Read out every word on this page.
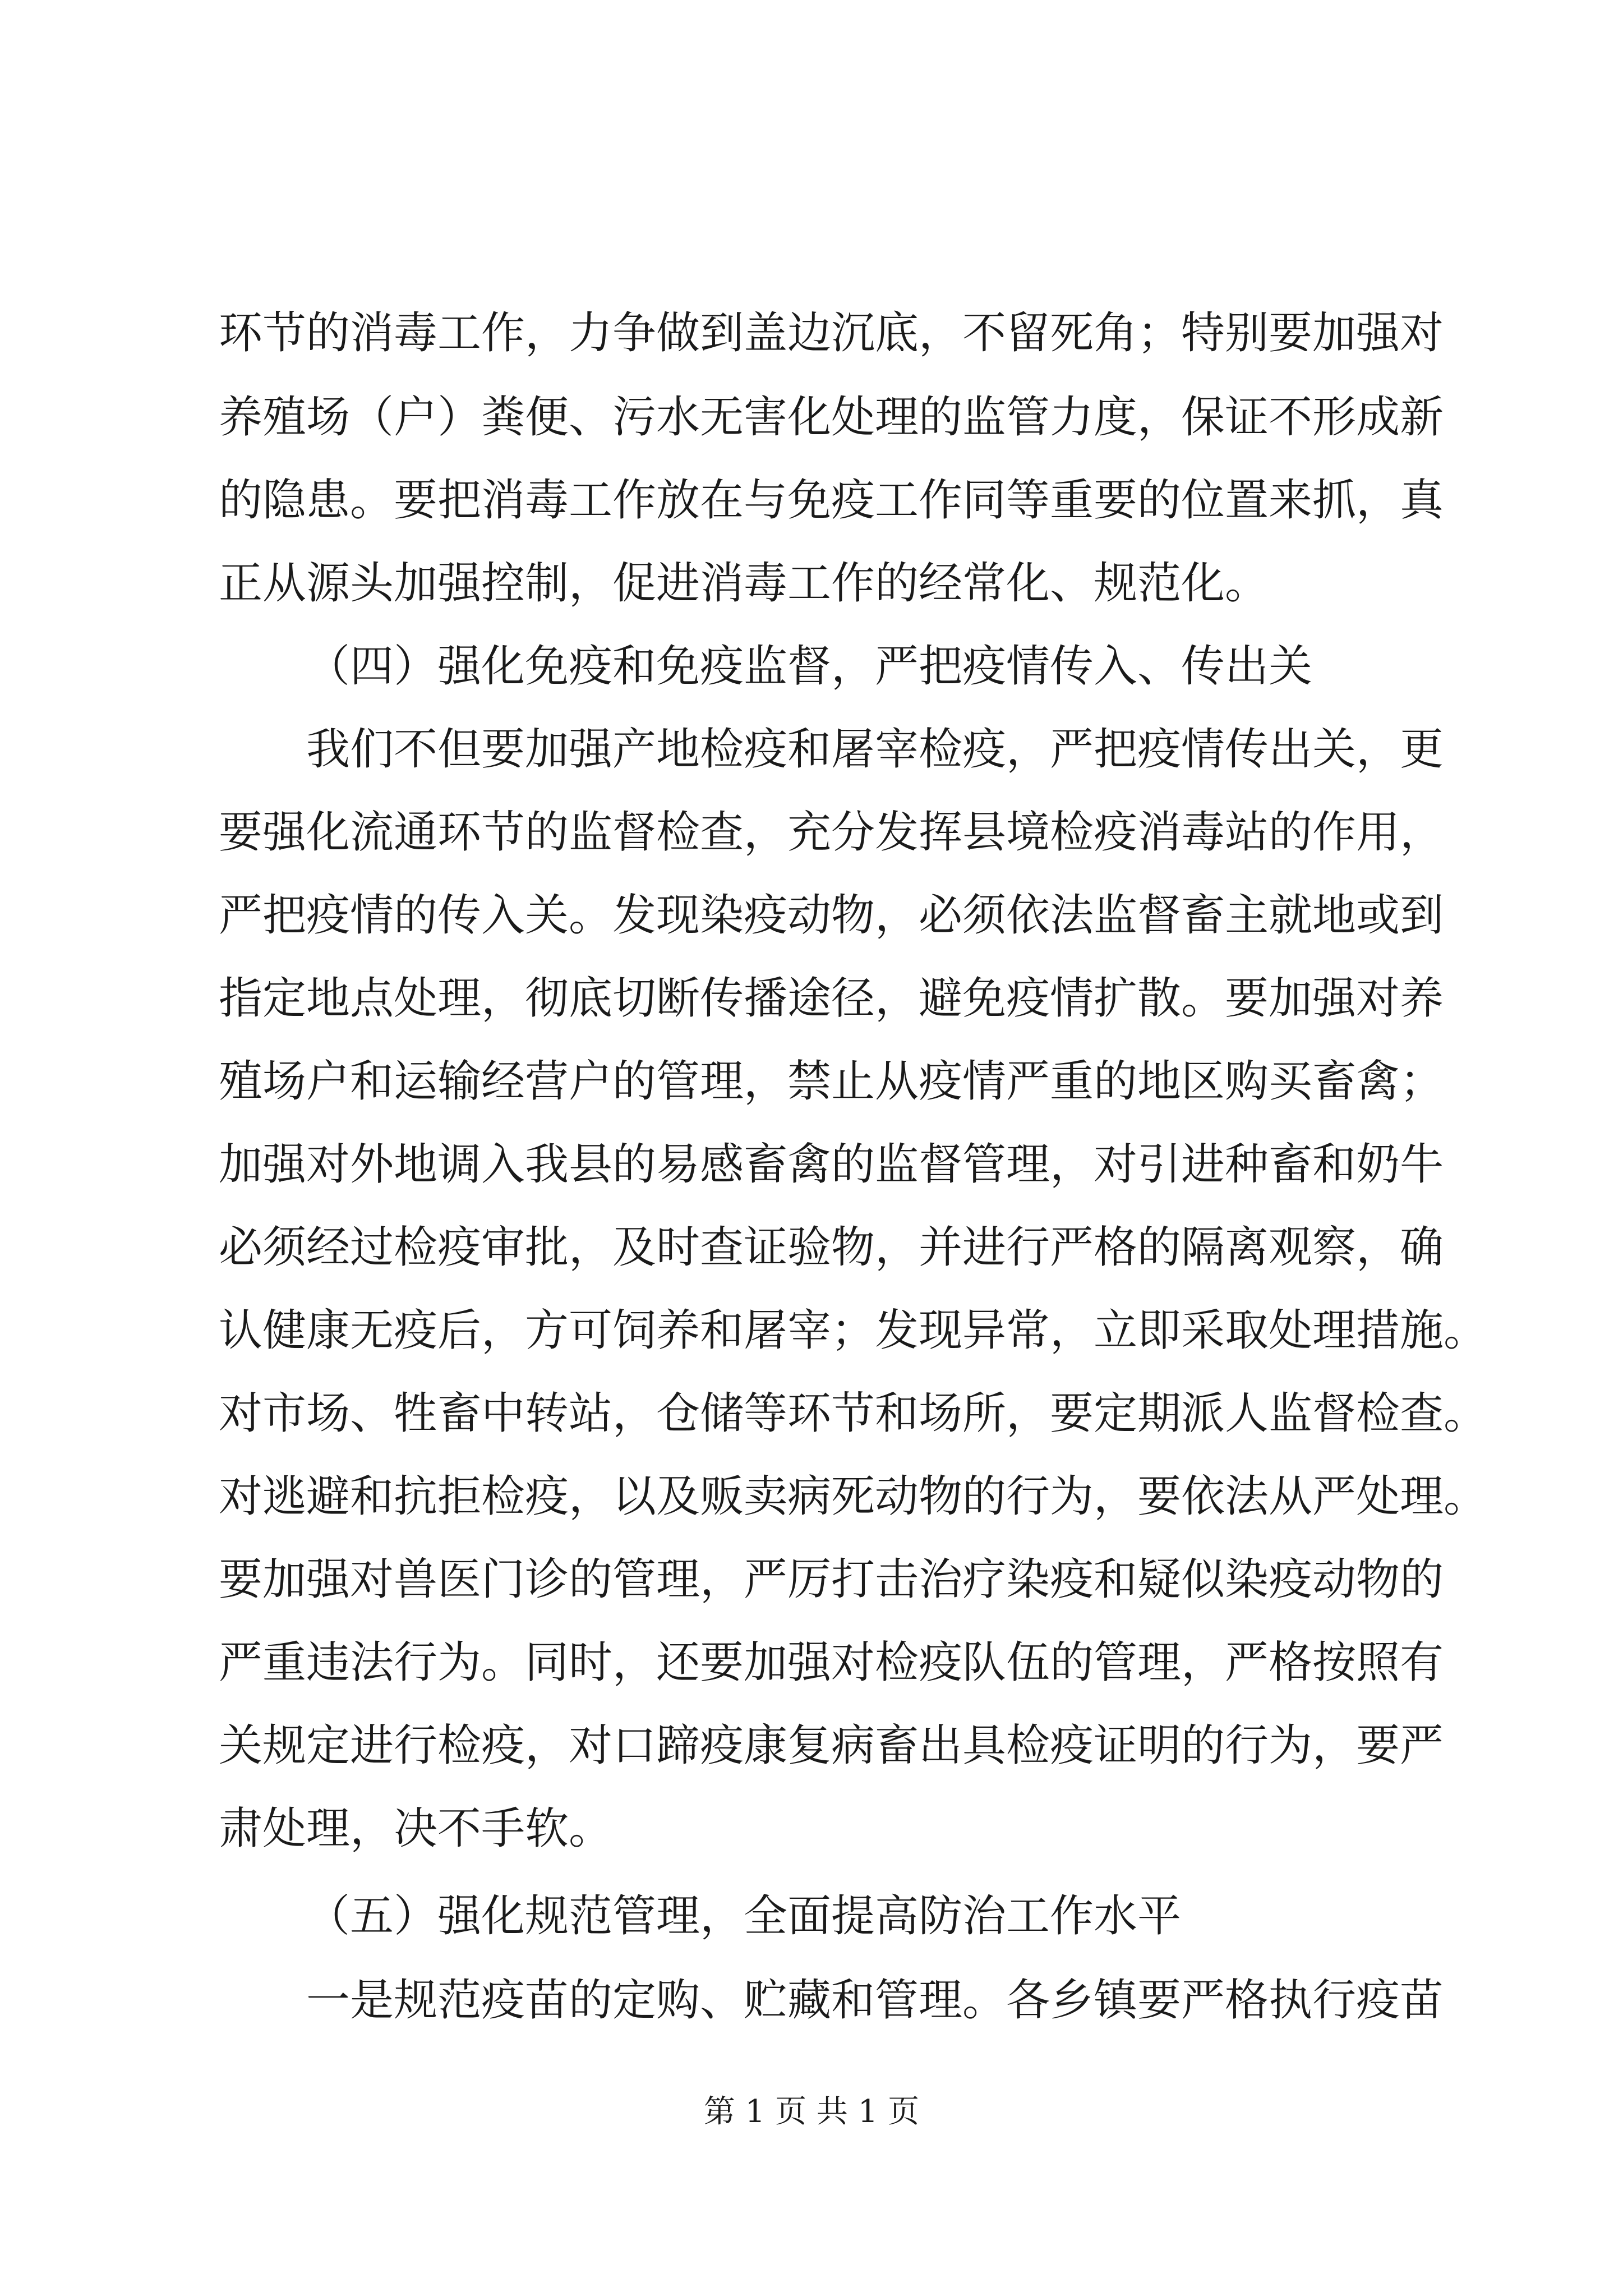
环节的消毒工作，力争做到盖边沉底，不留死角；特别要加强对
养殖场（户）粪便、污水无害化处理的监管力度，保证不形成新
的隐患。要把消毒工作放在与免疫工作同等重要的位置来抓，真
正从源头加强控制，促进消毒工作的经常化、规范化。
（四）强化免疫和免疫监督，严把疫情传入、传出关
我们不但要加强产地检疫和屠宰检疫，严把疫情传出关，更
要强化流通环节的监督检查，充分发挥县境检疫消毒站的作用，
严把疫情的传入关。发现染疫动物，必须依法监督畜主就地或到
指定地点处理，彻底切断传播途径，避免疫情扩散。要加强对养
殖场户和运输经营户的管理，禁止从疫情严重的地区购买畜禽；
加强对外地调入我县的易感畜禽的监督管理，对引进种畜和奶牛
必须经过检疫审批，及时查证验物，并进行严格的隔离观察，确
认健康无疫后，方可饲养和屠宰；发现异常，立即采取处理措施。
对市场、牲畜中转站，仓储等环节和场所，要定期派人监督检查。
对逃避和抗拒检疫，以及贩卖病死动物的行为，要依法从严处理。
要加强对兽医门诊的管理，严厉打击治疗染疫和疑似染疫动物的
严重违法行为。同时，还要加强对检疫队伍的管理，严格按照有
关规定进行检疫，对口蹄疫康复病畜出具检疫证明的行为，要严
肃处理，决不手软。
（五）强化规范管理，全面提高防治工作水平
一是规范疫苗的定购、贮藏和管理。各乡镇要严格执行疫苗
第 1 页 共 1 页
